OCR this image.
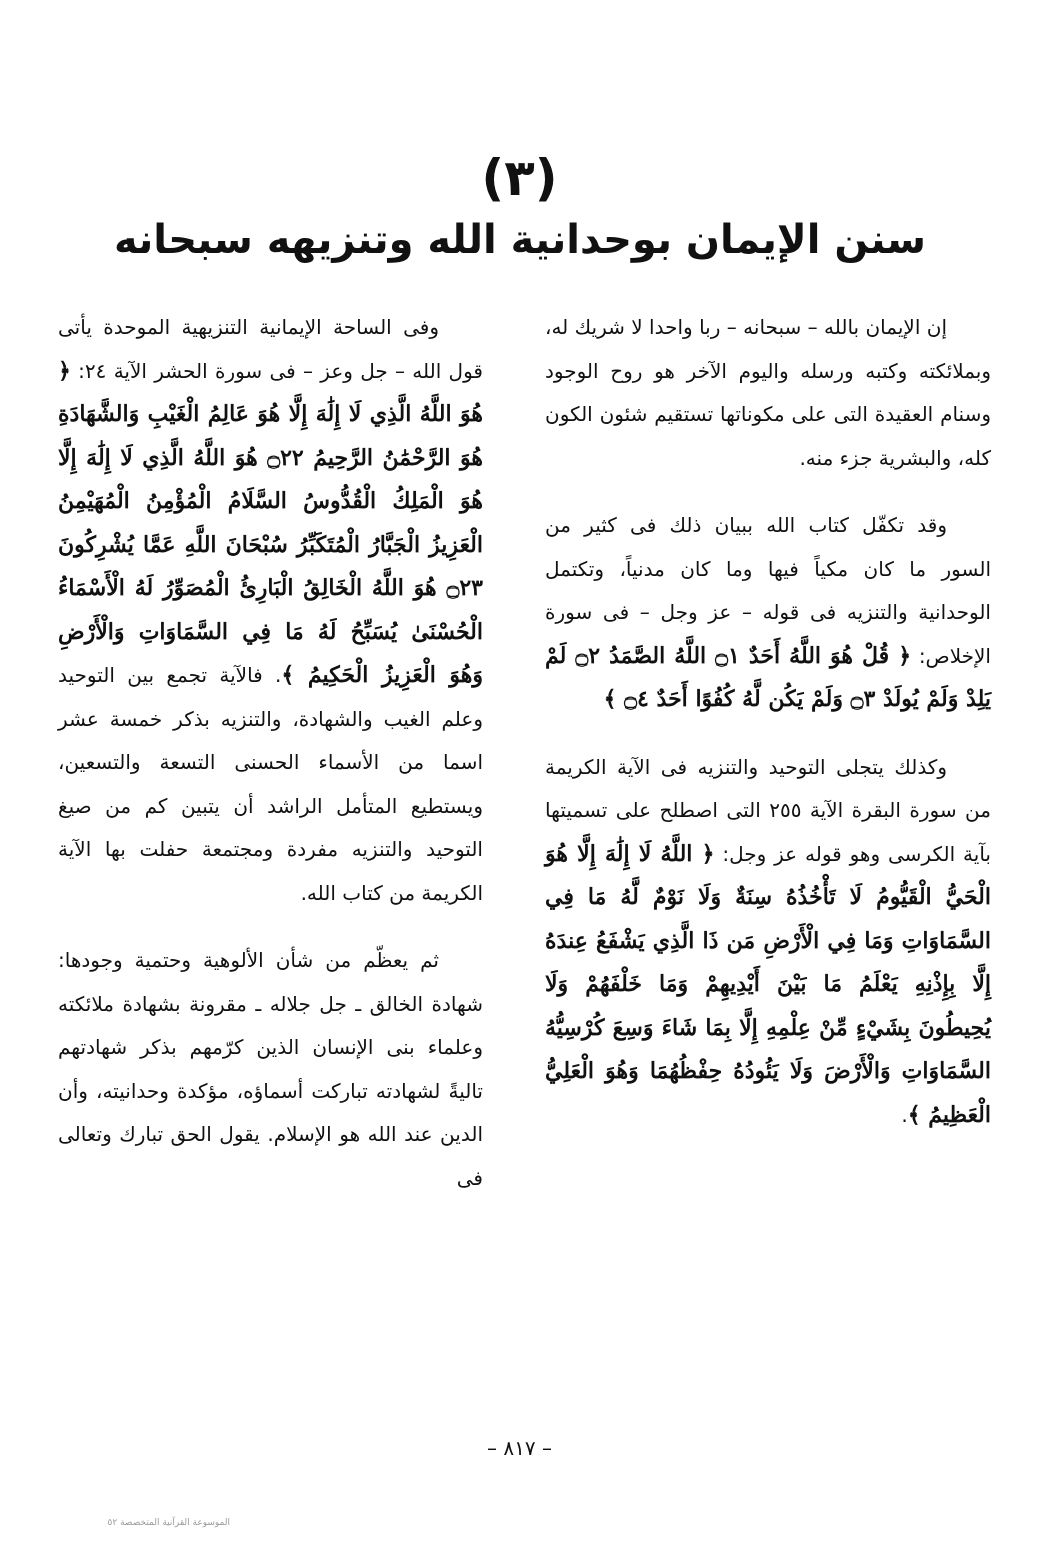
(٣)
سنن الإيمان بوحدانية الله وتنزيهه سبحانه

إن الإيمان بالله – سبحانه – ربا واحدا لا شريك له، وبملائكته وكتبه ورسله واليوم الآخر هو روح الوجود وسنام العقيدة التى على مكوناتها تستقيم شئون الكون كله، والبشرية جزء منه.

وقد تكفّل كتاب الله ببيان ذلك فى كثير من السور ما كان مكياً فيها وما كان مدنياً، وتكتمل الوحدانية والتنزيه فى قوله – عز وجل – فى سورة الإخلاص: ﴿ قُلْ هُوَ اللَّهُ أَحَدٌ ۝١ اللَّهُ الصَّمَدُ ۝٢ لَمْ يَلِدْ وَلَمْ يُولَدْ ۝٣ وَلَمْ يَكُن لَّهُ كُفُوًا أَحَدٌ ۝٤ ﴾

وكذلك يتجلى التوحيد والتنزيه فى الآية الكريمة من سورة البقرة الآية ٢٥٥ التى اصطلح على تسميتها بآية الكرسى وهو قوله عز وجل: ﴿ اللَّهُ لَا إِلَٰهَ إِلَّا هُوَ الْحَيُّ الْقَيُّومُ لَا تَأْخُذُهُ سِنَةٌ وَلَا نَوْمٌ لَّهُ مَا فِي السَّمَاوَاتِ وَمَا فِي الْأَرْضِ مَن ذَا الَّذِي يَشْفَعُ عِندَهُ إِلَّا بِإِذْنِهِ يَعْلَمُ مَا بَيْنَ أَيْدِيهِمْ وَمَا خَلْفَهُمْ وَلَا يُحِيطُونَ بِشَيْءٍ مِّنْ عِلْمِهِ إِلَّا بِمَا شَاءَ وَسِعَ كُرْسِيُّهُ السَّمَاوَاتِ وَالْأَرْضَ وَلَا يَئُودُهُ حِفْظُهُمَا وَهُوَ الْعَلِيُّ الْعَظِيمُ ﴾.

وفى الساحة الإيمانية التنزيهية الموحدة يأتى قول الله – جل وعز – فى سورة الحشر الآية ٢٤: ﴿ هُوَ اللَّهُ الَّذِي لَا إِلَٰهَ إِلَّا هُوَ عَالِمُ الْغَيْبِ وَالشَّهَادَةِ هُوَ الرَّحْمَٰنُ الرَّحِيمُ ۝٢٢ هُوَ اللَّهُ الَّذِي لَا إِلَٰهَ إِلَّا هُوَ الْمَلِكُ الْقُدُّوسُ السَّلَامُ الْمُؤْمِنُ الْمُهَيْمِنُ الْعَزِيزُ الْجَبَّارُ الْمُتَكَبِّرُ سُبْحَانَ اللَّهِ عَمَّا يُشْرِكُونَ ۝٢٣ هُوَ اللَّهُ الْخَالِقُ الْبَارِئُ الْمُصَوِّرُ لَهُ الْأَسْمَاءُ الْحُسْنَىٰ يُسَبِّحُ لَهُ مَا فِي السَّمَاوَاتِ وَالْأَرْضِ وَهُوَ الْعَزِيزُ الْحَكِيمُ ﴾. فالآية تجمع بين التوحيد وعلم الغيب والشهادة، والتنزيه بذكر خمسة عشر اسما من الأسماء الحسنى التسعة والتسعين، ويستطيع المتأمل الراشد أن يتبين كم من صيغ التوحيد والتنزيه مفردة ومجتمعة حفلت بها الآية الكريمة من كتاب الله.

ثم يعظّم من شأن الألوهية وحتمية وجودها: شهادة الخالق ـ جل جلاله ـ مقرونة بشهادة ملائكته وعلماء بنى الإنسان الذين كرّمهم بذكر شهادتهم تاليةً لشهادته تباركت أسماؤه، مؤكدة وحدانيته، وأن الدين عند الله هو الإسلام. يقول الحق تبارك وتعالى فى

– ٨١٧ –
الموسوعة القرآنية المتخصصة ٥٢
